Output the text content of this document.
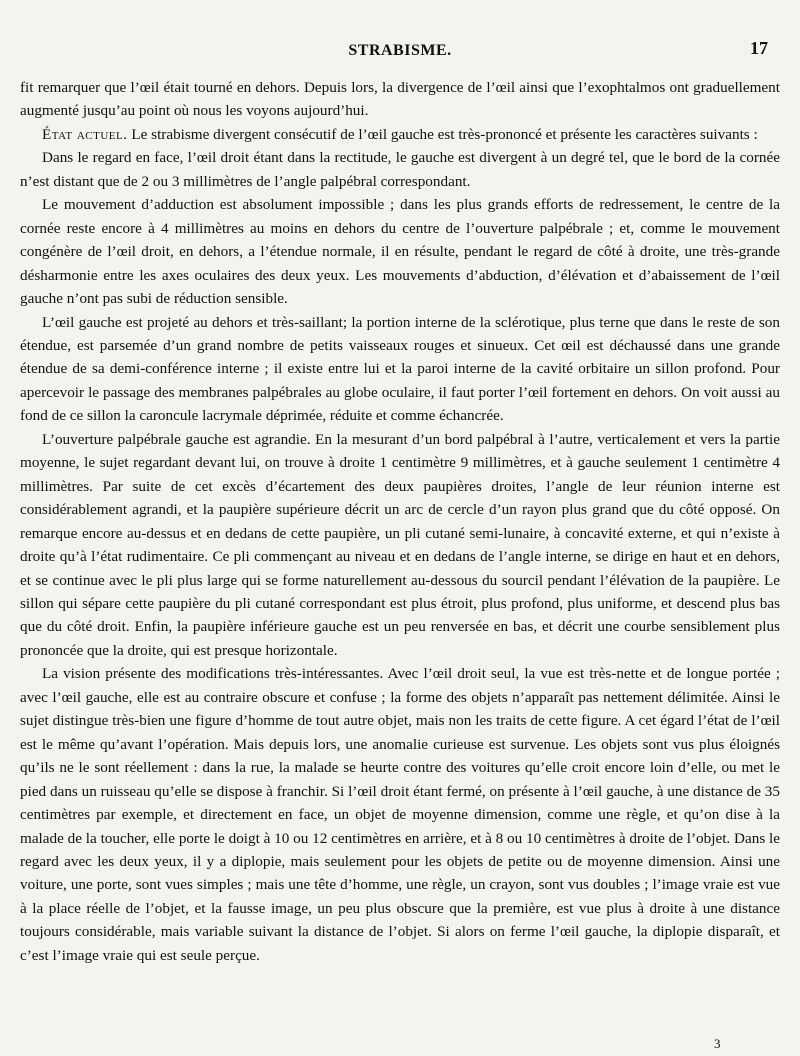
STRABISME.	17

fit remarquer que l’œil était tourné en dehors. Depuis lors, la divergence de l’œil ainsi que l’exophtalmos ont graduellement augmenté jusqu’au point où nous les voyons aujourd’hui.

État actuel. Le strabisme divergent consécutif de l’œil gauche est très-prononcé et présente les caractères suivants :

Dans le regard en face, l’œil droit étant dans la rectitude, le gauche est divergent à un degré tel, que le bord de la cornée n’est distant que de 2 ou 3 millimètres de l’angle palpébral correspondant.

Le mouvement d’adduction est absolument impossible ; dans les plus grands efforts de redressement, le centre de la cornée reste encore à 4 millimètres au moins en dehors du centre de l’ouverture palpébrale ; et, comme le mouvement congénère de l’œil droit, en dehors, a l’étendue normale, il en résulte, pendant le regard de côté à droite, une très-grande désharmonie entre les axes oculaires des deux yeux. Les mouvements d’abduction, d’élévation et d’abaissement de l’œil gauche n’ont pas subi de réduction sensible.

L’œil gauche est projeté au dehors et très-saillant; la portion interne de la sclérotique, plus terne que dans le reste de son étendue, est parsemée d’un grand nombre de petits vaisseaux rouges et sinueux. Cet œil est déchaussé dans une grande étendue de sa demi-conférence interne ; il existe entre lui et la paroi interne de la cavité orbitaire un sillon profond. Pour apercevoir le passage des membranes palpébrales au globe oculaire, il faut porter l’œil fortement en dehors. On voit aussi au fond de ce sillon la caroncule lacrymale déprimée, réduite et comme échancrée.

L’ouverture palpébrale gauche est agrandie. En la mesurant d’un bord palpébral à l’autre, verticalement et vers la partie moyenne, le sujet regardant devant lui, on trouve à droite 1 centimètre 9 millimètres, et à gauche seulement 1 centimètre 4 millimètres. Par suite de cet excès d’écartement des deux paupières droites, l’angle de leur réunion interne est considérablement agrandi, et la paupière supérieure décrit un arc de cercle d’un rayon plus grand que du côté opposé. On remarque encore au-dessus et en dedans de cette paupière, un pli cutané semi-lunaire, à concavité externe, et qui n’existe à droite qu’à l’état rudimentaire. Ce pli commençant au niveau et en dedans de l’angle interne, se dirige en haut et en dehors, et se continue avec le pli plus large qui se forme naturellement au-dessous du sourcil pendant l’élévation de la paupière. Le sillon qui sépare cette paupière du pli cutané correspondant est plus étroit, plus profond, plus uniforme, et descend plus bas que du côté droit. Enfin, la paupière inférieure gauche est un peu renversée en bas, et décrit une courbe sensiblement plus prononcée que la droite, qui est presque horizontale.

La vision présente des modifications très-intéressantes. Avec l’œil droit seul, la vue est très-nette et de longue portée ; avec l’œil gauche, elle est au contraire obscure et confuse ; la forme des objets n’apparaît pas nettement délimitée. Ainsi le sujet distingue très-bien une figure d’homme de tout autre objet, mais non les traits de cette figure. A cet égard l’état de l’œil est le même qu’avant l’opération. Mais depuis lors, une anomalie curieuse est survenue. Les objets sont vus plus éloignés qu’ils ne le sont réellement : dans la rue, la malade se heurte contre des voitures qu’elle croit encore loin d’elle, ou met le pied dans un ruisseau qu’elle se dispose à franchir. Si l’œil droit étant fermé, on présente à l’œil gauche, à une distance de 35 centimètres par exemple, et directement en face, un objet de moyenne dimension, comme une règle, et qu’on dise à la malade de la toucher, elle porte le doigt à 10 ou 12 centimètres en arrière, et à 8 ou 10 centimètres à droite de l’objet. Dans le regard avec les deux yeux, il y a diplopie, mais seulement pour les objets de petite ou de moyenne dimension. Ainsi une voiture, une porte, sont vues simples ; mais une tête d’homme, une règle, un crayon, sont vus doubles ; l’image vraie est vue à la place réelle de l’objet, et la fausse image, un peu plus obscure que la première, est vue plus à droite à une distance toujours considérable, mais variable suivant la distance de l’objet. Si alors on ferme l’œil gauche, la diplopie disparaît, et c’est l’image vraie qui est seule perçue.

3
